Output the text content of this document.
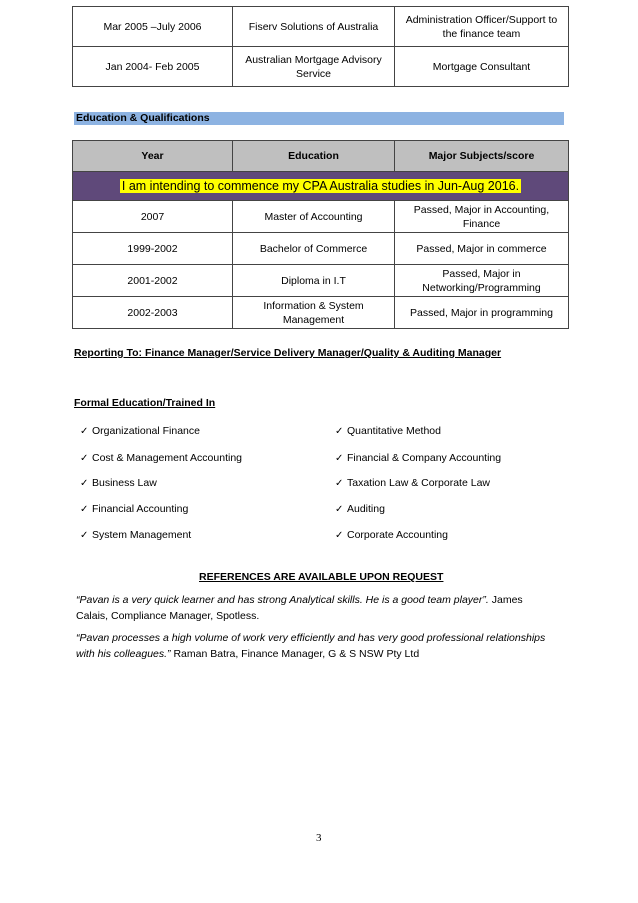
Mar 2005 –July 2006	Fiserv Solutions of Australia	Administration Officer/Support to
the finance team
Jan 2004- Feb 2005	Australian Mortgage Advisory
Service	Mortgage Consultant
Education & Qualifications
Year	Education	Major Subjects/score
I am intending to commence my CPA Australia studies in Jun-Aug 2016.		
2007	Master of Accounting	Passed, Major in Accounting,
Finance
1999-2002	Bachelor of Commerce	Passed, Major in commerce
2001-2002	Diploma in I.T	Passed, Major in
Networking/Programming
2002-2003	Information & System
Management	Passed, Major in programming
Reporting To: Finance Manager/Service Delivery Manager/Quality & Auditing Manager
Formal Education/Trained In
✓ Organizational Finance
✓ Cost & Management Accounting
✓ Business Law
✓ Financial Accounting
✓ System Management
✓ Quantitative Method
✓ Financial & Company Accounting
✓ Taxation Law & Corporate Law
✓ Auditing
✓ Corporate Accounting
REFERENCES ARE AVAILABLE UPON REQUEST
“Pavan is a very quick learner and has strong Analytical skills. He is a good team player”. James
Calais, Compliance Manager, Spotless.
“Pavan processes a high volume of work very efficiently and has very good professional relationships
with his colleagues.” Raman Batra, Finance Manager, G & S NSW Pty Ltd
3
